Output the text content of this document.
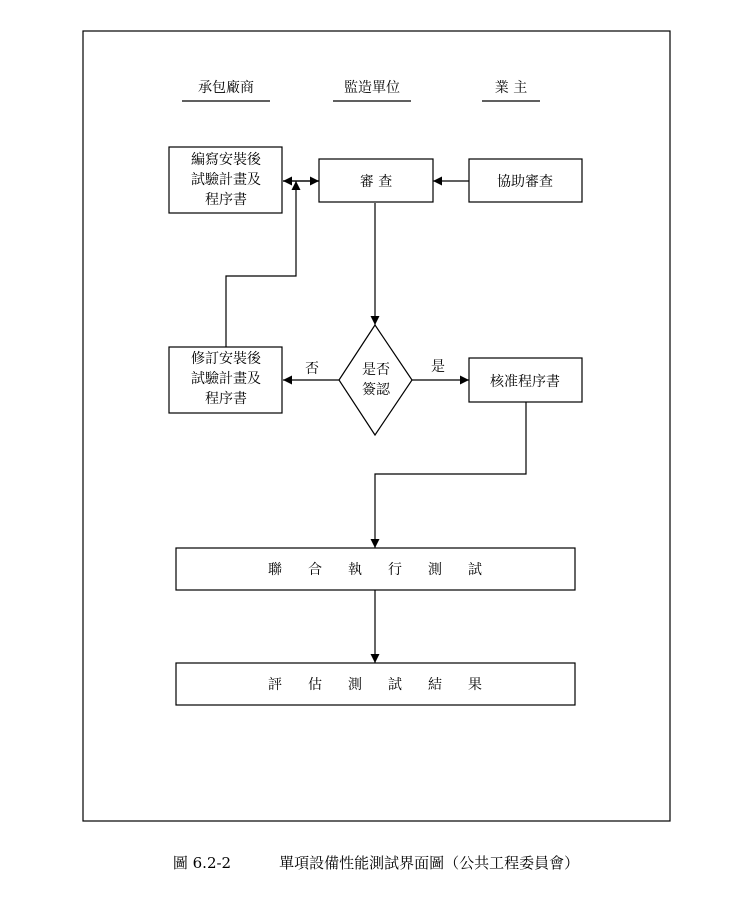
承包廠商	監造單位	業 主
編寫安裝後
試驗計畫及
程序書
審 查	協助審查
是否
簽認
否	是
修訂安裝後
試驗計畫及
程序書
核准程序書
聯合執行測試
評估測試結果
圖 6.2-2	單項設備性能測試界面圖（公共工程委員會）
